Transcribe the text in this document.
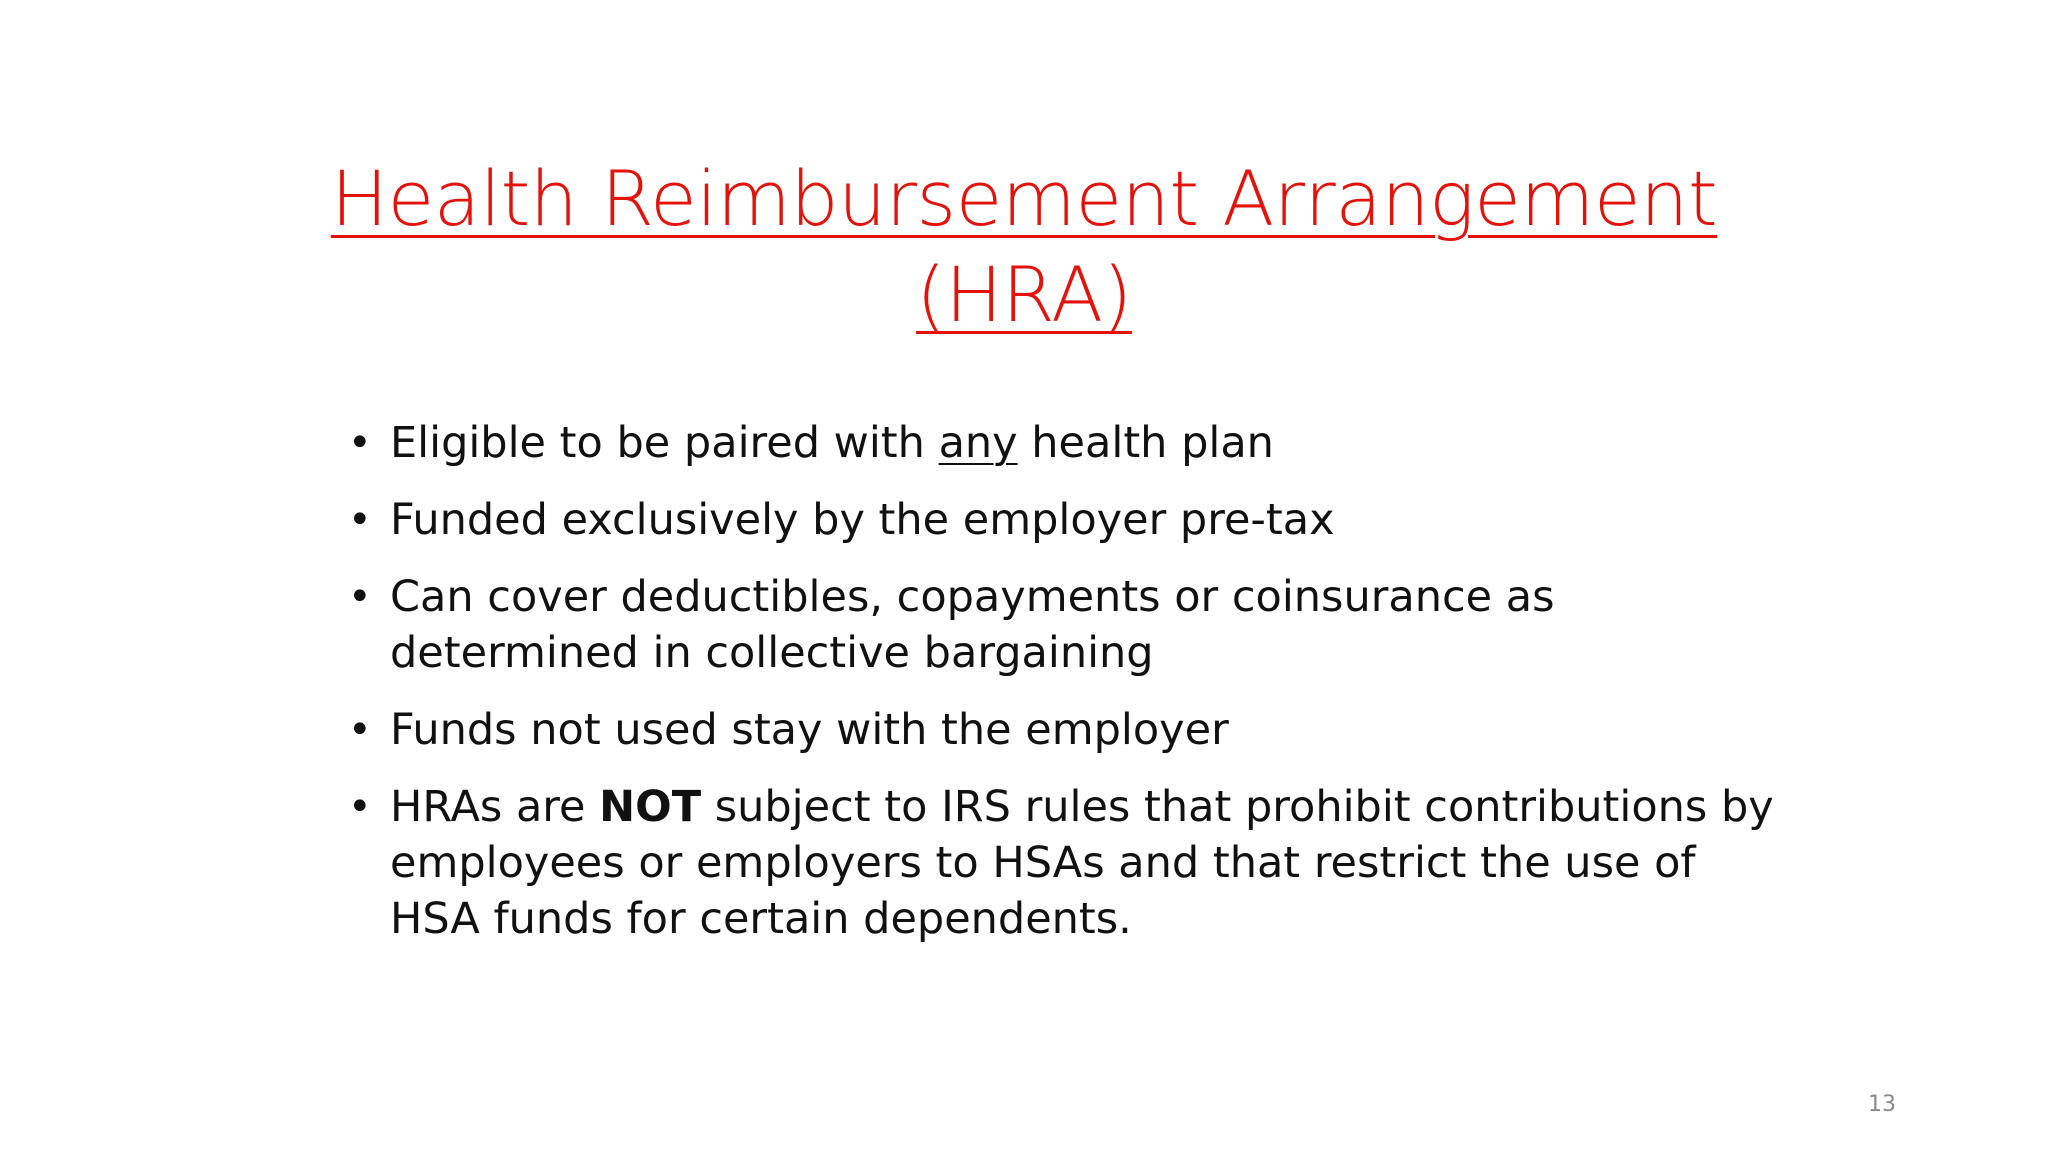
Health Reimbursement Arrangement
(HRA)
• Eligible to be paired with any health plan
• Funded exclusively by the employer pre-tax
• Can cover deductibles, copayments or coinsurance as determined in collective bargaining
• Funds not used stay with the employer
• HRAs are NOT subject to IRS rules that prohibit contributions by employees or employers to HSAs and that restrict the use of HSA funds for certain dependents.
13
